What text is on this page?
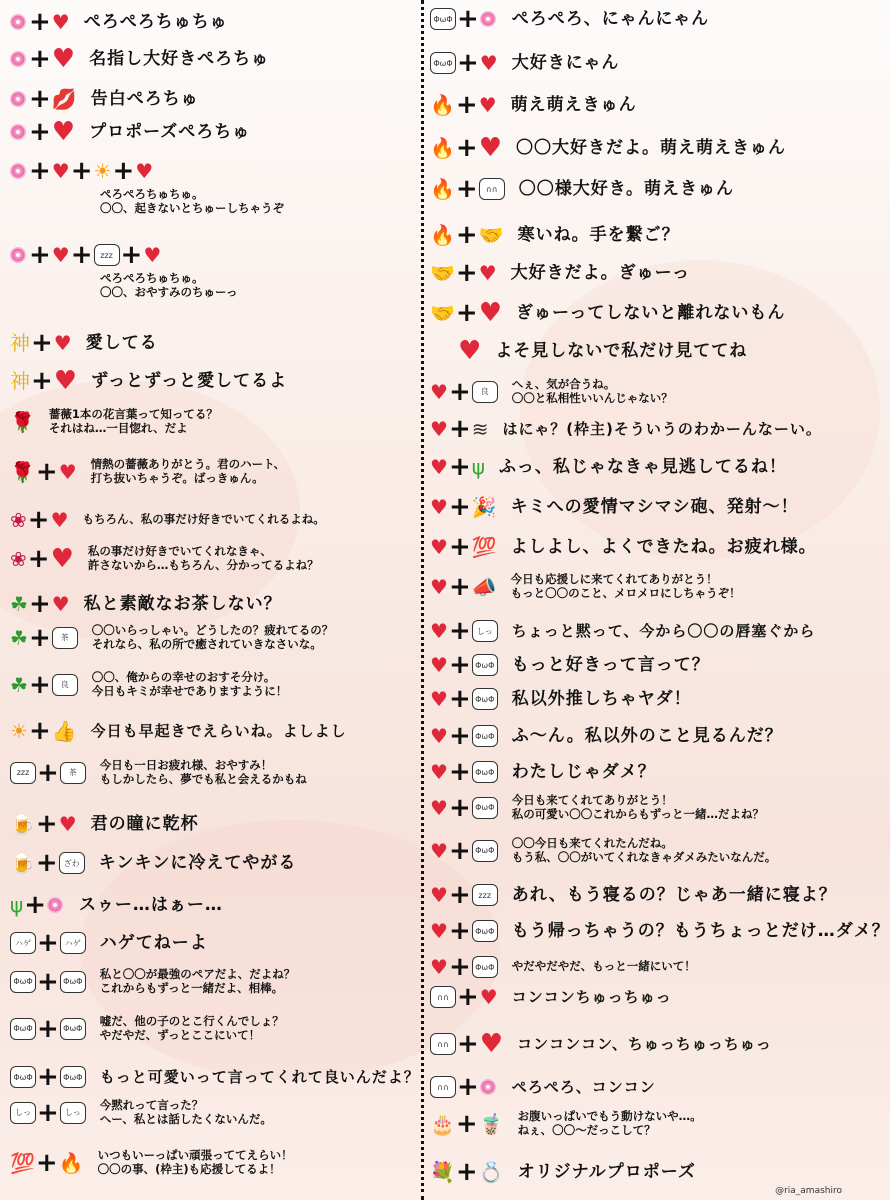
+ ♥ ぺろぺろちゅちゅ
+ ♥ 名指し大好きぺろちゅ
+ 💋 告白ぺろちゅ
+ ♥ プロポーズぺろちゅ
+ ♥ + ☀ + ♥
ぺろぺろちゅちゅ。
〇〇、起きないとちゅーしちゃうぞ
+ ♥ + zzz + ♥
ぺろぺろちゅちゅ。
〇〇、おやすみのちゅーっ
神 + ♥ 愛してる
神 + ♥ ずっとずっと愛してるよ
🌹 薔薇1本の花言葉って知ってる？
それはね…一目惚れ、だよ
🌹 + ♥ 情熱の薔薇ありがとう。君のハート、
打ち抜いちゃうぞ。ばっきゅん。
❀ + ♥ もちろん、私の事だけ好きでいてくれるよね。
❀ + ♥ 私の事だけ好きでいてくれなきゃ、
許さないから…もちろん、分かってるよね？
☘ + ♥ 私と素敵なお茶しない？
☘ +	茶
〇〇いらっしゃい。どうしたの？疲れてるの？
それなら、私の所で癒されていきなさいな。
☘ +	良
〇〇、俺からの幸せのおすそ分け。
今日もキミが幸せでありますように！
☀ + 👍 今日も早起きでえらいね。よしよし
zzz +	茶
今日も一日お疲れ様、おやすみ！
もしかしたら、夢でも私と会えるかもね
🍺 + ♥ 君の瞳に乾杯
🍺 + ざわ キンキンに冷えてやがる
ψ + スゥー…はぁー…
ハゲ + ハゲ ハゲてねーよ
ΦωΦ + ΦωΦ
私と〇〇が最強のペアだよ、だよね？
これからもずっと一緒だよ、相棒。
ΦωΦ + ΦωΦ
嘘だ、他の子のとこ行くんでしょ？
やだやだ、ずっとここにいて！
ΦωΦ + ΦωΦ もっと可愛いって言ってくれて良いんだよ？
しっ + しっ
今黙れって言った？
へー、私とは話したくないんだ。
💯 + 🔥 いつもいーっぱい頑張っててえらい！
〇〇の事、(枠主)も応援してるよ！
ΦωΦ + ぺろぺろ、にゃんにゃん
ΦωΦ + ♥ 大好きにゃん
🔥 + ♥ 萌え萌えきゅん
🔥 + ♥ 〇〇大好きだよ。萌え萌えきゅん
🔥 +	∩∩	〇〇様大好き。萌えきゅん
🔥 + 🤝 寒いね。手を繋ご？
🤝 + ♥ 大好きだよ。ぎゅーっ
🤝 + ♥ ぎゅーってしないと離れないもん
♥ よそ見しないで私だけ見ててね
♥ +	良
へぇ、気が合うね。
〇〇と私相性いいんじゃない？
♥ + ≋ はにゃ？(枠主)そういうのわかーんなーい。
♥ + ψ ふっ、私じゃなきゃ見逃してるね！
♥ + 🎉 キミへの愛情マシマシ砲、発射～！
♥ + 💯 よしよし、よくできたね。お疲れ様。
♥ + 📣 今日も応援しに来てくれてありがとう！
もっと〇〇のこと、メロメロにしちゃうぞ！
♥ + しっ	ちょっと黙って、今から〇〇の唇塞ぐから
♥ + ΦωΦ もっと好きって言って？
♥ + ΦωΦ 私以外推しちゃヤダ！
♥ + ΦωΦ ふ～ん。私以外のこと見るんだ？
♥ + ΦωΦ わたしじゃダメ？
♥ + ΦωΦ
今日も来てくれてありがとう！
私の可愛い〇〇これからもずっと一緒…だよね？
♥ + ΦωΦ
〇〇今日も来てくれたんだね。
もう私、〇〇がいてくれなきゃダメみたいなんだ。
♥ + zzz	あれ、もう寝るの？じゃあ一緒に寝よ？
♥ + ΦωΦ もう帰っちゃうの？もうちょっとだけ…ダメ？
♥ + ΦωΦ やだやだやだ、もっと一緒にいて！
∩∩ + ♥ コンコンちゅっちゅっ
∩∩ + ♥ コンコンコン、ちゅっちゅっちゅっ
∩∩ + ぺろぺろ、コンコン
🎂 + 🧋 お腹いっぱいでもう動けないや…。
ねぇ、〇〇～だっこして？
💐 + 💍 オリジナルプロポーズ
@ria_amashiro
